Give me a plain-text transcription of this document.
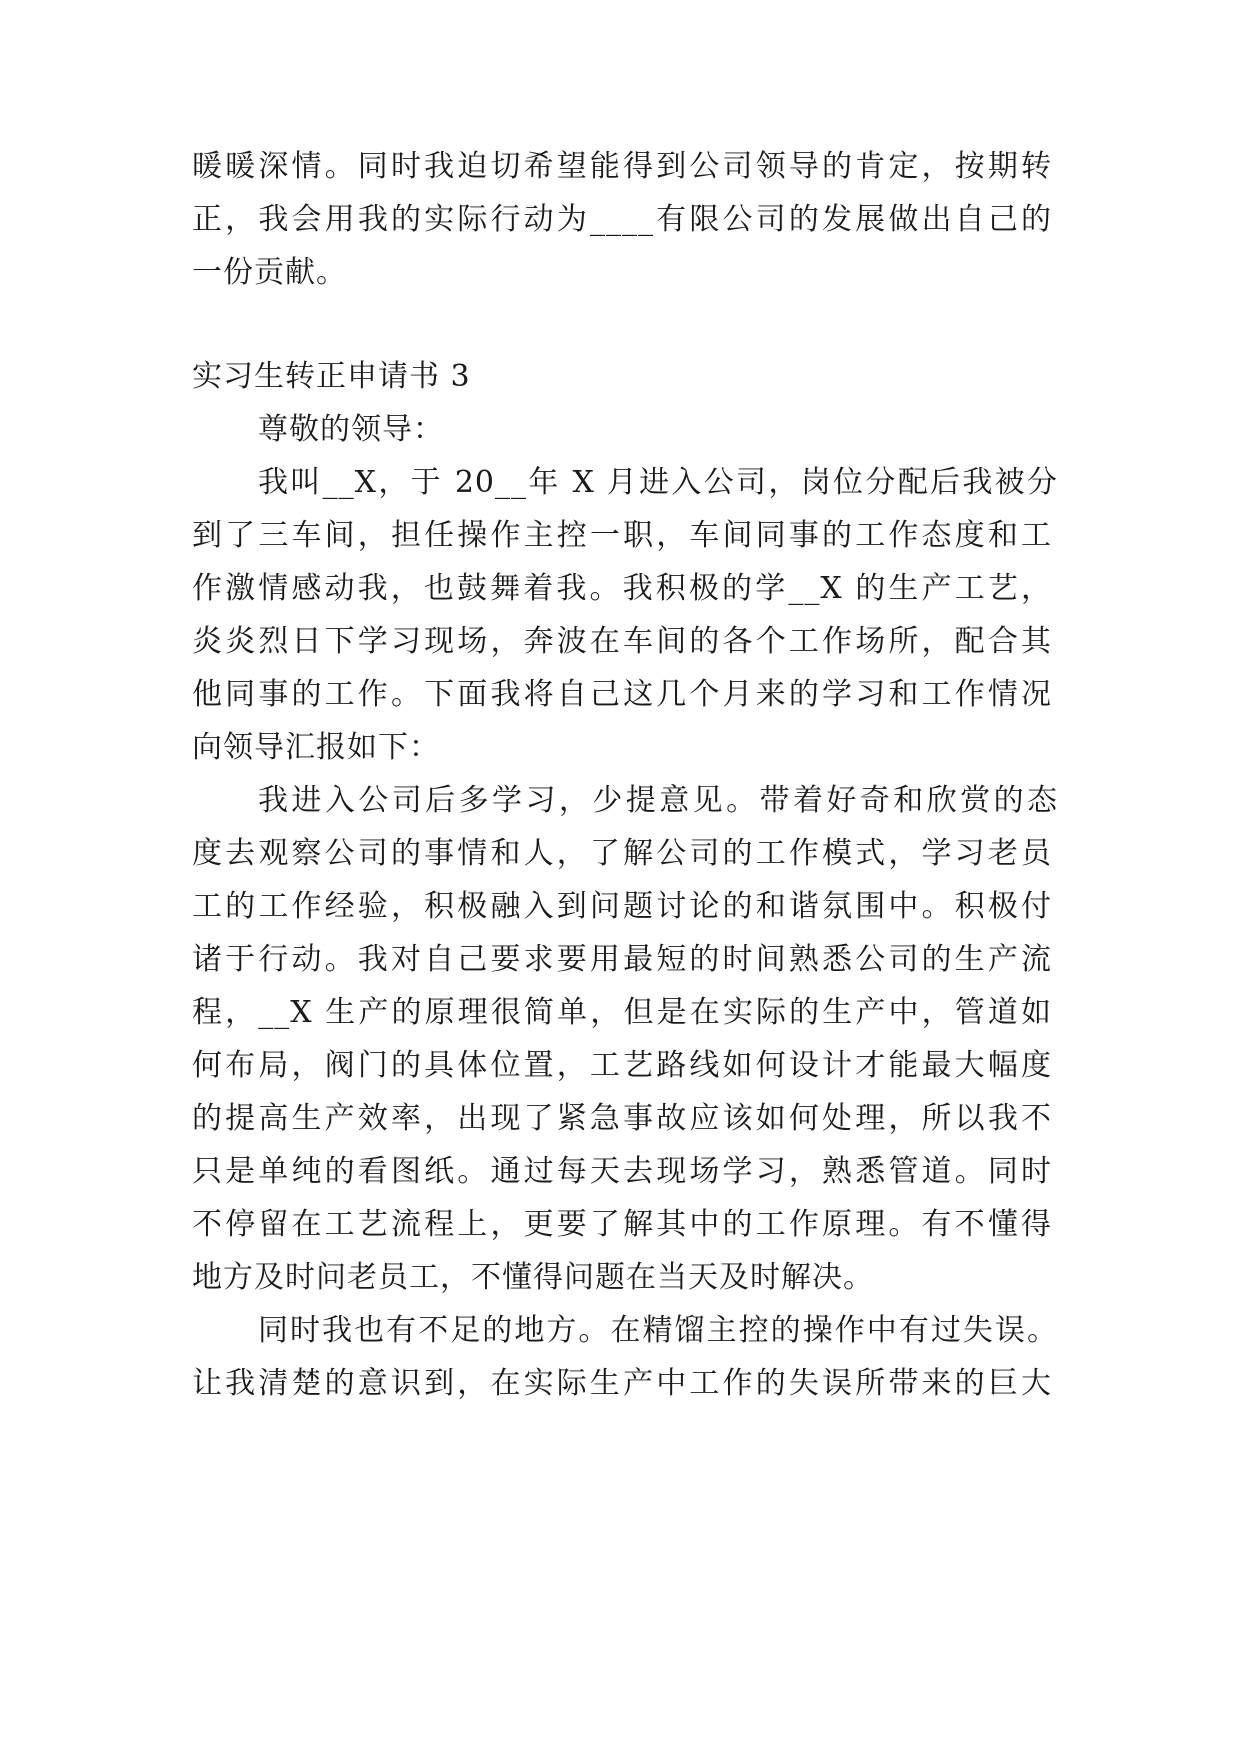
暖暖深情。同时我迫切希望能得到公司领导的肯定，按期转
正，我会用我的实际行动为____有限公司的发展做出自己的
一份贡献。
实习生转正申请书 3
尊敬的领导：
我叫__X，于 20__年 X 月进入公司，岗位分配后我被分
到了三车间，担任操作主控一职，车间同事的工作态度和工
作激情感动我，也鼓舞着我。我积极的学__X 的生产工艺，
炎炎烈日下学习现场，奔波在车间的各个工作场所，配合其
他同事的工作。下面我将自己这几个月来的学习和工作情况
向领导汇报如下：
我进入公司后多学习，少提意见。带着好奇和欣赏的态
度去观察公司的事情和人，了解公司的工作模式，学习老员
工的工作经验，积极融入到问题讨论的和谐氛围中。积极付
诸于行动。我对自己要求要用最短的时间熟悉公司的生产流
程，__X 生产的原理很简单，但是在实际的生产中，管道如
何布局，阀门的具体位置，工艺路线如何设计才能最大幅度
的提高生产效率，出现了紧急事故应该如何处理，所以我不
只是单纯的看图纸。通过每天去现场学习，熟悉管道。同时
不停留在工艺流程上，更要了解其中的工作原理。有不懂得
地方及时问老员工，不懂得问题在当天及时解决。
同时我也有不足的地方。在精馏主控的操作中有过失误。
让我清楚的意识到，在实际生产中工作的失误所带来的巨大
